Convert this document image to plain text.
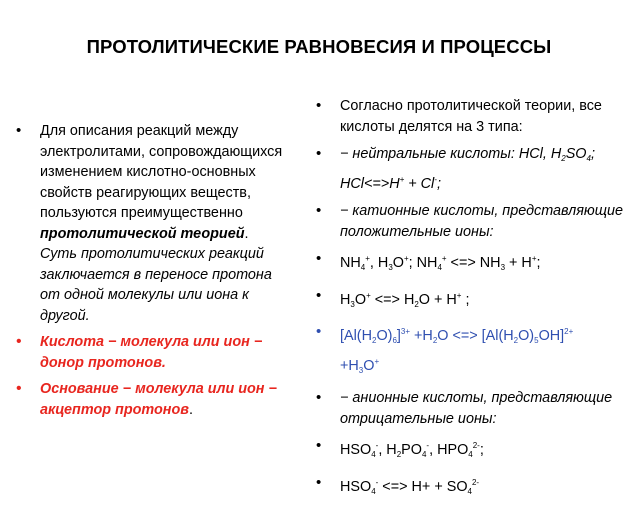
ПРОТОЛИТИЧЕСКИЕ РАВНОВЕСИЯ И ПРОЦЕССЫ
• Для описания реакций между электролитами, сопровождающихся изменением кислотно-основных свойств реагирующих веществ, пользуются преимущественно протолитической теорией. Суть протолитических реакций заключается в переносе протона от одной молекулы или иона к другой.
• Кислота − молекула или ион − донор протонов.
• Основание − молекула или ион − акцептор протонов.
• Согласно протолитической теории, все кислоты делятся на 3 типа:
• − нейтральные кислоты: HCl, $H_2SO_4$; HCl<=>H+ + Cl-;
• − катионные кислоты, представляющие положительные ионы:
• $NH_4^+$, $H_3O^+$; $NH_4^+$ <=> $NH_3 + H^+$;
• $H_3O^+$ <=> $H_2O + H^+$ ;
• $[Al(H_2O)_6]^{3+} +H_2O$ <=> $[Al(H_2O)_5OH]^{2+}$
$+H_3O^+$
• − анионные кислоты, представляющие отрицательные ионы:
• $HSO_4^-$, $H_2PO_4^-$, $HPO_4^{2-}$;
• $HSO_4^-$ <=> $H+ + SO_4^{2-}$
